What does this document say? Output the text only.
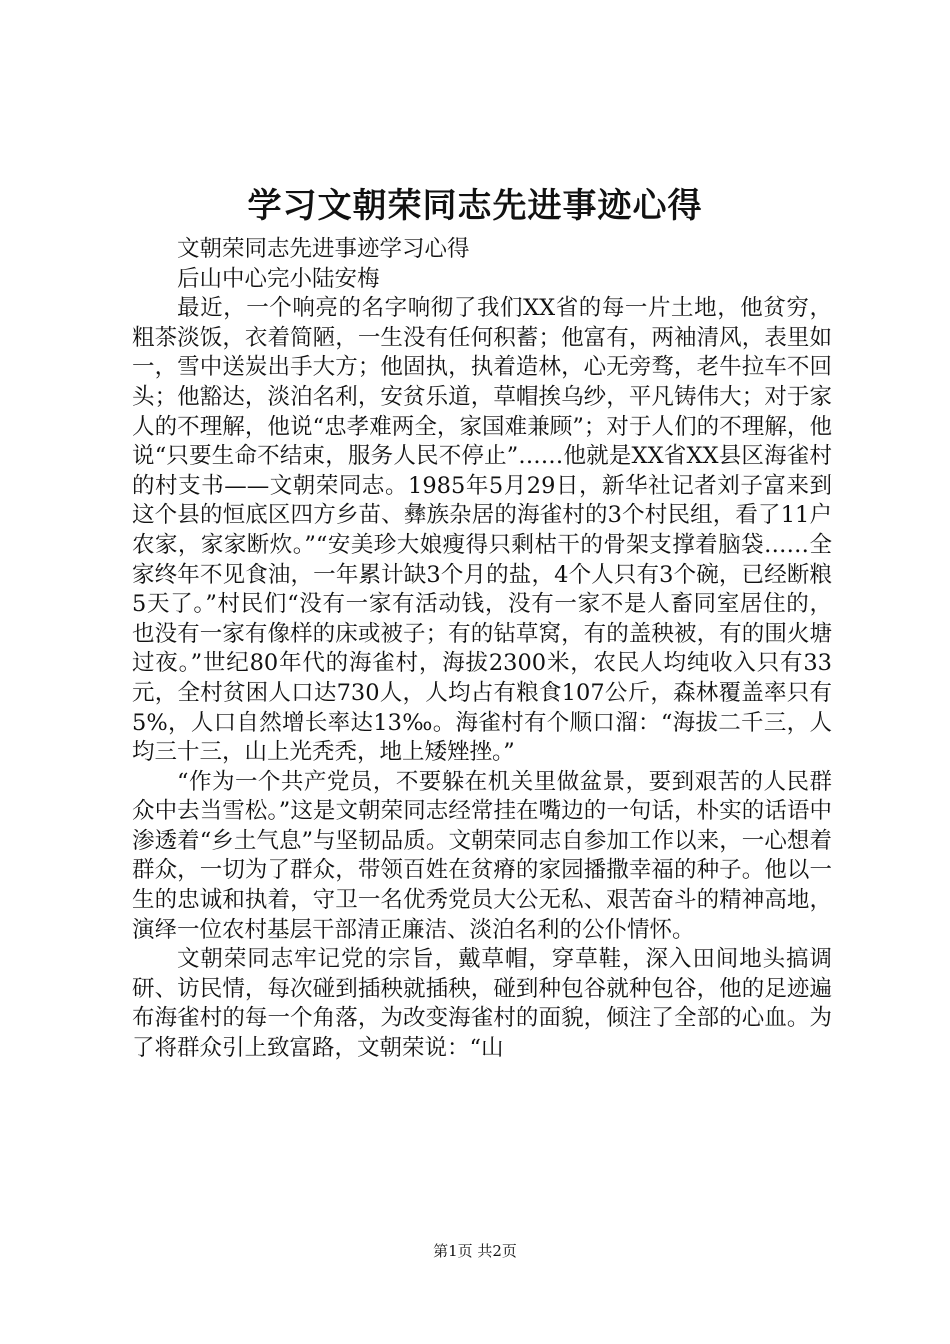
学习文朝荣同志先进事迹心得

文朝荣同志先进事迹学习心得

后山中心完小陆安梅

最近，一个响亮的名字响彻了我们XX省的每一片土地，他贫穷，粗茶淡饭，衣着简陋，一生没有任何积蓄；他富有，两袖清风，表里如一，雪中送炭出手大方；他固执，执着造林，心无旁骛，老牛拉车不回头；他豁达，淡泊名利，安贫乐道，草帽挨乌纱，平凡铸伟大；对于家人的不理解，他说“忠孝难两全，家国难兼顾”；对于人们的不理解，他说“只要生命不结束，服务人民不停止”……他就是XX省XX县区海雀村的村支书——文朝荣同志。1985年5月29日，新华社记者刘子富来到这个县的恒底区四方乡苗、彝族杂居的海雀村的3个村民组，看了11户农家，家家断炊。”“安美珍大娘瘦得只剩枯干的骨架支撑着脑袋……全家终年不见食油，一年累计缺3个月的盐，4个人只有3个碗，已经断粮5天了。”村民们“没有一家有活动钱，没有一家不是人畜同室居住的，也没有一家有像样的床或被子；有的钻草窝，有的盖秧被，有的围火塘过夜。”世纪80年代的海雀村，海拔2300米，农民人均纯收入只有33元，全村贫困人口达730人，人均占有粮食107公斤，森林覆盖率只有5%，人口自然增长率达13‰。海雀村有个顺口溜：“海拔二千三，人均三十三，山上光秃秃，地上矮矬挫。”

“作为一个共产党员，不要躲在机关里做盆景，要到艰苦的人民群众中去当雪松。”这是文朝荣同志经常挂在嘴边的一句话，朴实的话语中渗透着“乡土气息”与坚韧品质。文朝荣同志自参加工作以来，一心想着群众，一切为了群众，带领百姓在贫瘠的家园播撒幸福的种子。他以一生的忠诚和执着，守卫一名优秀党员大公无私、艰苦奋斗的精神高地，演绎一位农村基层干部清正廉洁、淡泊名利的公仆情怀。

文朝荣同志牢记党的宗旨，戴草帽，穿草鞋，深入田间地头搞调研、访民情，每次碰到插秧就插秧，碰到种包谷就种包谷，他的足迹遍布海雀村的每一个角落，为改变海雀村的面貌，倾注了全部的心血。为了将群众引上致富路，文朝荣说：“山

第1页 共2页
